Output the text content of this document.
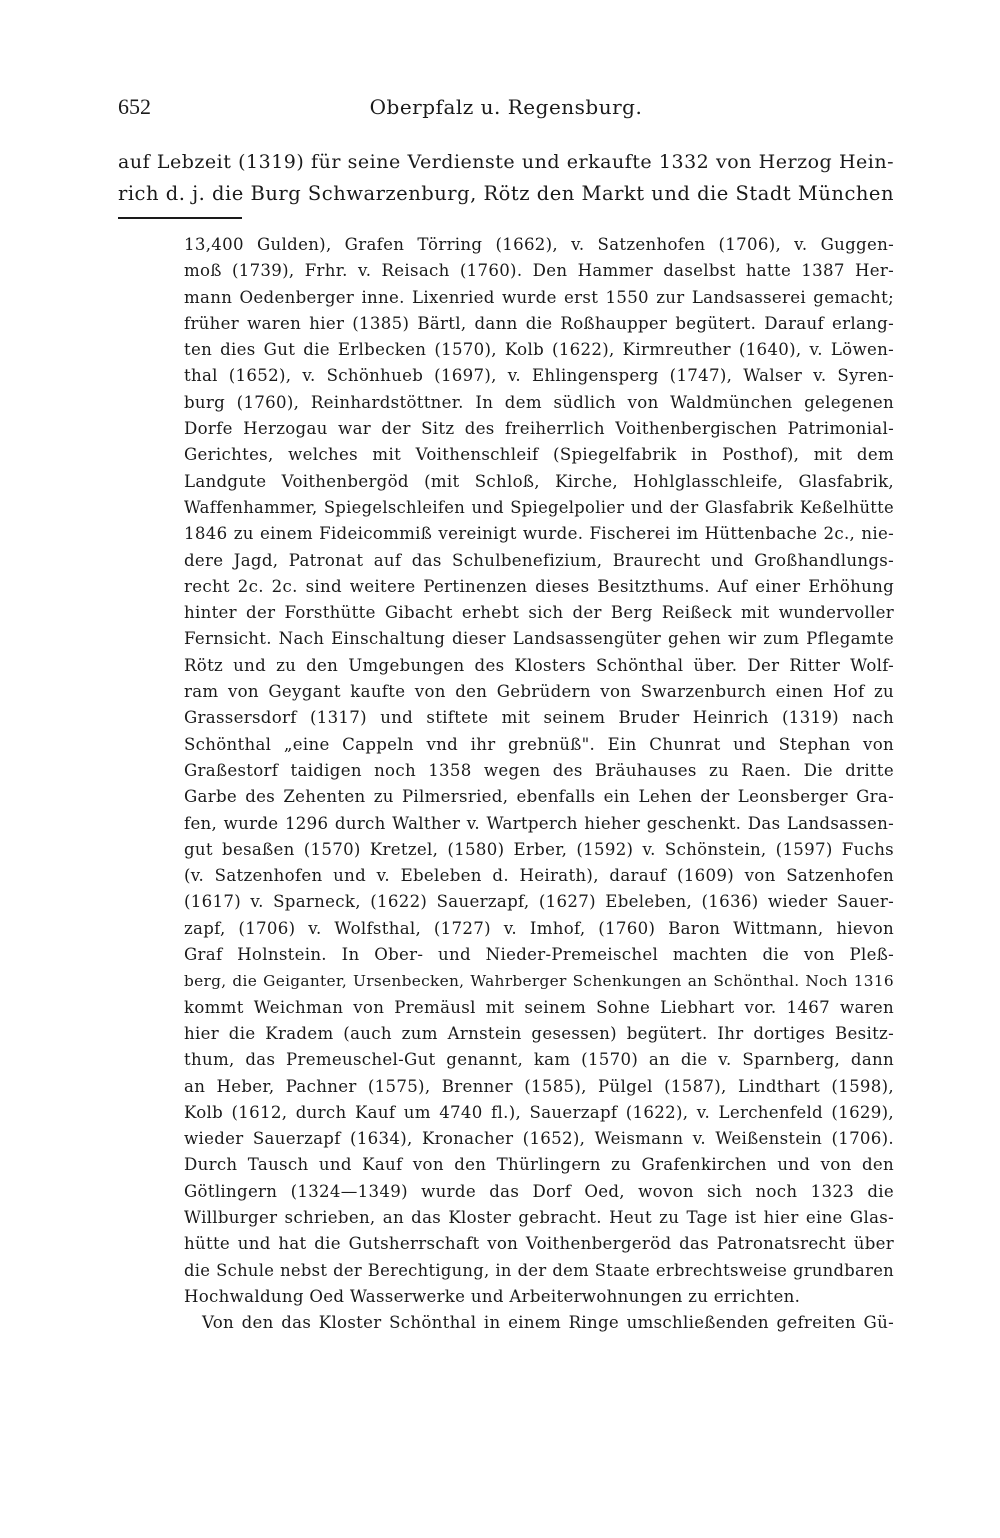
652	Oberpfalz u. Regensburg.
auf Lebzeit (1319) für seine Verdienste und erkaufte 1332 von Herzog Hein-
rich d. j. die Burg Schwarzenburg, Rötz den Markt und die Stadt München
13,400 Gulden), Grafen Törring (1662), v. Satzenhofen (1706), v. Guggen-
moß (1739), Frhr. v. Reisach (1760). Den Hammer daselbst hatte 1387 Her-
mann Oedenberger inne. Lixenried wurde erst 1550 zur Landsasserei gemacht;
früher waren hier (1385) Bärtl, dann die Roßhaupper begütert. Darauf erlang-
ten dies Gut die Erlbecken (1570), Kolb (1622), Kirmreuther (1640), v. Löwen-
thal (1652), v. Schönhueb (1697), v. Ehlingensperg (1747), Walser v. Syren-
burg (1760), Reinhardstöttner. In dem südlich von Waldmünchen gelegenen
Dorfe Herzogau war der Sitz des freiherrlich Voithenbergischen Patrimonial-
Gerichtes, welches mit Voithenschleif (Spiegelfabrik in Posthof), mit dem
Landgute Voithenbergöd (mit Schloß, Kirche, Hohlglasschleife, Glasfabrik,
Waffenhammer, Spiegelschleifen und Spiegelpolier und der Glasfabrik Keßelhütte
1846 zu einem Fideicommiß vereinigt wurde. Fischerei im Hüttenbache 2c., nie-
dere Jagd, Patronat auf das Schulbenefizium, Braurecht und Großhandlungs-
recht 2c. 2c. sind weitere Pertinenzen dieses Besitzthums. Auf einer Erhöhung
hinter der Forsthütte Gibacht erhebt sich der Berg Reißeck mit wundervoller
Fernsicht. Nach Einschaltung dieser Landsassengüter gehen wir zum Pflegamte
Rötz und zu den Umgebungen des Klosters Schönthal über. Der Ritter Wolf-
ram von Geygant kaufte von den Gebrüdern von Swarzenburch einen Hof zu
Grassersdorf (1317) und stiftete mit seinem Bruder Heinrich (1319) nach
Schönthal „eine Cappeln vnd ihr grebnüß". Ein Chunrat und Stephan von
Graßestorf taidigen noch 1358 wegen des Bräuhauses zu Raen. Die dritte
Garbe des Zehenten zu Pilmersried, ebenfalls ein Lehen der Leonsberger Gra-
fen, wurde 1296 durch Walther v. Wartperch hieher geschenkt. Das Landsassen-
gut besaßen (1570) Kretzel, (1580) Erber, (1592) v. Schönstein, (1597) Fuchs
(v. Satzenhofen und v. Ebeleben d. Heirath), darauf (1609) von Satzenhofen
(1617) v. Sparneck, (1622) Sauerzapf, (1627) Ebeleben, (1636) wieder Sauer-
zapf, (1706) v. Wolfsthal, (1727) v. Imhof, (1760) Baron Wittmann, hievon
Graf Holnstein. In Ober- und Nieder-Premeischel machten die von Pleß-
berg, die Geiganter, Ursenbecken, Wahrberger Schenkungen an Schönthal. Noch 1316
kommt Weichman von Premäusl mit seinem Sohne Liebhart vor. 1467 waren
hier die Kradem (auch zum Arnstein gesessen) begütert. Ihr dortiges Besitz-
thum, das Premeuschel-Gut genannt, kam (1570) an die v. Sparnberg, dann
an Heber, Pachner (1575), Brenner (1585), Pülgel (1587), Lindthart (1598),
Kolb (1612, durch Kauf um 4740 fl.), Sauerzapf (1622), v. Lerchenfeld (1629),
wieder Sauerzapf (1634), Kronacher (1652), Weismann v. Weißenstein (1706).
Durch Tausch und Kauf von den Thürlingern zu Grafenkirchen und von den
Götlingern (1324—1349) wurde das Dorf Oed, wovon sich noch 1323 die
Willburger schrieben, an das Kloster gebracht. Heut zu Tage ist hier eine Glas-
hütte und hat die Gutsherrschaft von Voithenbergeröd das Patronatsrecht über
die Schule nebst der Berechtigung, in der dem Staate erbrechtsweise grundbaren
Hochwaldung Oed Wasserwerke und Arbeiterwohnungen zu errichten.
Von den das Kloster Schönthal in einem Ringe umschließenden gefreiten Gü-
